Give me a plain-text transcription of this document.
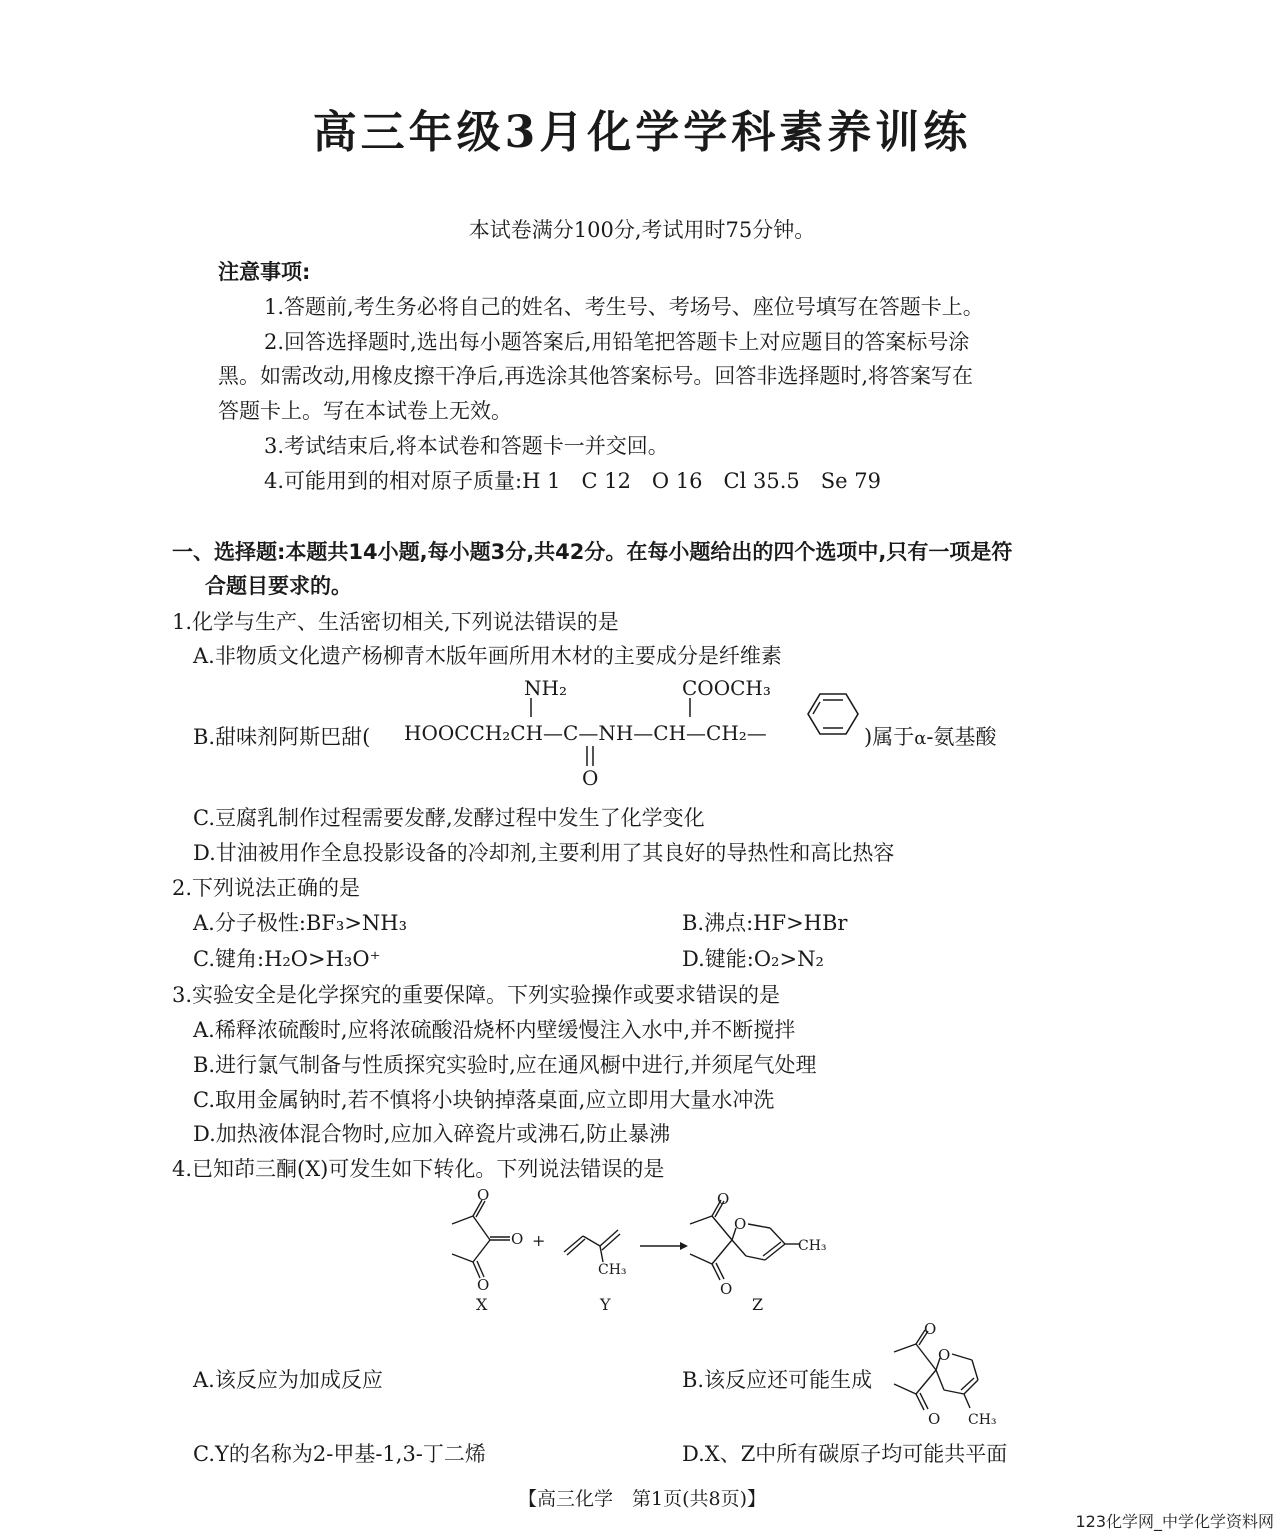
高三年级3月化学学科素养训练
本试卷满分100分,考试用时75分钟。
注意事项:
1.答题前,考生务必将自己的姓名、考生号、考场号、座位号填写在答题卡上。
2.回答选择题时,选出每小题答案后,用铅笔把答题卡上对应题目的答案标号涂
黑。如需改动,用橡皮擦干净后,再选涂其他答案标号。回答非选择题时,将答案写在
答题卡上。写在本试卷上无效。
3.考试结束后,将本试卷和答题卡一并交回。
4.可能用到的相对原子质量:H 1　C 12　O 16　Cl 35.5　Se 79
一、选择题:本题共14小题,每小题3分,共42分。在每小题给出的四个选项中,只有一项是符
合题目要求的。
1.化学与生产、生活密切相关,下列说法错误的是
A.非物质文化遗产杨柳青木版年画所用木材的主要成分是纤维素
B.甜味剂阿斯巴甜(
NH₂	COOCH₃
HOOCCH₂CH—C—NH—CH—CH₂—
O
)属于α-氨基酸
C.豆腐乳制作过程需要发酵,发酵过程中发生了化学变化
D.甘油被用作全息投影设备的冷却剂,主要利用了其良好的导热性和高比热容
2.下列说法正确的是
A.分子极性:BF₃>NH₃	B.沸点:HF>HBr
C.键角:H₂O>H₃O⁺	D.键能:O₂>N₂
3.实验安全是化学探究的重要保障。下列实验操作或要求错误的是
A.稀释浓硫酸时,应将浓硫酸沿烧杯内壁缓慢注入水中,并不断搅拌
B.进行氯气制备与性质探究实验时,应在通风橱中进行,并须尾气处理
C.取用金属钠时,若不慎将小块钠掉落桌面,应立即用大量水冲洗
D.加热液体混合物时,应加入碎瓷片或沸石,防止暴沸
4.已知茚三酮(X)可发生如下转化。下列说法错误的是
O
O
O
+
CH₃
O
O
O
CH₃
X	Y	Z
A.该反应为加成反应	B.该反应还可能生成
O
O
O CH₃
C.Y的名称为2-甲基-1,3-丁二烯	D.X、Z中所有碳原子均可能共平面
【高三化学　第1页(共8页)】
123化学网_中学化学资料网
